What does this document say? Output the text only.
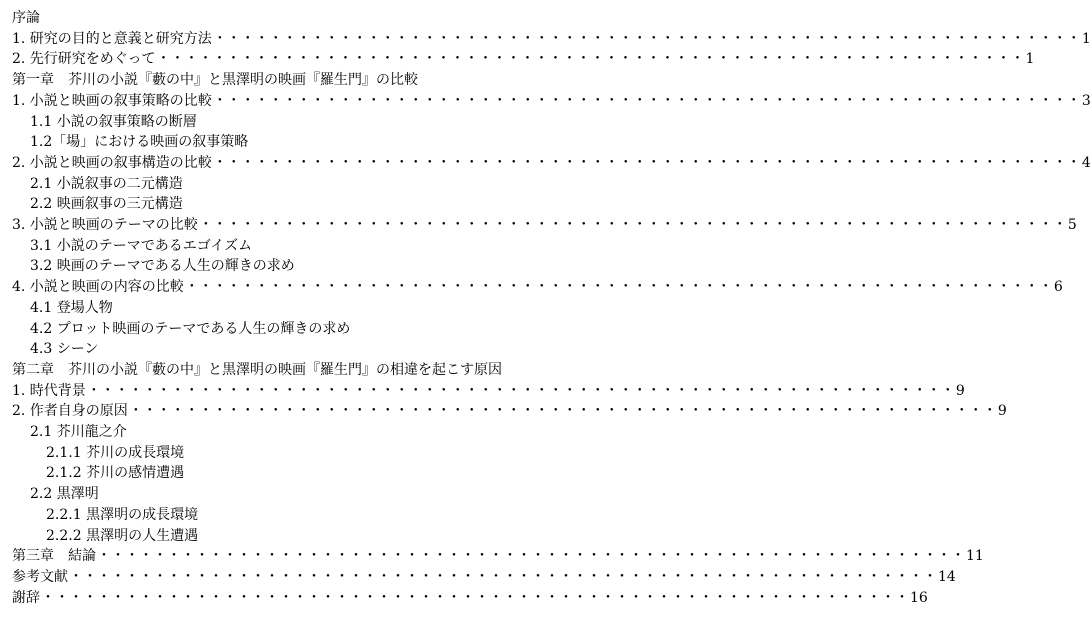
序論
1. 研究の目的と意義と研究方法 ・・・・・・・・・・・・・・・・・・・・・・・・・・・・・・・・・・・・・・・・・・・・・・・・・・・・・・・・・・・・・・ 1
2. 先行研究をめぐって ・・・・・・・・・・・・・・・・・・・・・・・・・・・・・・・・・・・・・・・・・・・・・・・・・・・・・・・・・・・・・・ 1
第一章　芥川の小説『藪の中』と黒澤明の映画『羅生門』の比較
1. 小説と映画の叙事策略の比較 ・・・・・・・・・・・・・・・・・・・・・・・・・・・・・・・・・・・・・・・・・・・・・・・・・・・・・・・・・・・・・・ 3
1.1 小説の叙事策略の断層
1.2「場」における映画の叙事策略
2. 小説と映画の叙事構造の比較 ・・・・・・・・・・・・・・・・・・・・・・・・・・・・・・・・・・・・・・・・・・・・・・・・・・・・・・・・・・・・・・ 4
2.1 小説叙事の二元構造
2.2 映画叙事の三元構造
3. 小説と映画のテーマの比較 ・・・・・・・・・・・・・・・・・・・・・・・・・・・・・・・・・・・・・・・・・・・・・・・・・・・・・・・・・・・・・・ 5
3.1 小説のテーマであるエゴイズム
3.2 映画のテーマである人生の輝きの求め
4. 小説と映画の内容の比較 ・・・・・・・・・・・・・・・・・・・・・・・・・・・・・・・・・・・・・・・・・・・・・・・・・・・・・・・・・・・・・・ 6
4.1 登場人物
4.2 プロット映画のテーマである人生の輝きの求め
4.3 シーン
第二章　芥川の小説『藪の中』と黒澤明の映画『羅生門』の相違を起こす原因
1. 時代背景 ・・・・・・・・・・・・・・・・・・・・・・・・・・・・・・・・・・・・・・・・・・・・・・・・・・・・・・・・・・・・・・ 9
2. 作者自身の原因 ・・・・・・・・・・・・・・・・・・・・・・・・・・・・・・・・・・・・・・・・・・・・・・・・・・・・・・・・・・・・・・ 9
2.1 芥川龍之介
2.1.1 芥川の成長環境
2.1.2 芥川の感情遭遇
2.2 黒澤明
2.2.1 黒澤明の成長環境
2.2.2 黒澤明の人生遭遇
第三章　結論 ・・・・・・・・・・・・・・・・・・・・・・・・・・・・・・・・・・・・・・・・・・・・・・・・・・・・・・・・・・・・・・ 11
参考文献 ・・・・・・・・・・・・・・・・・・・・・・・・・・・・・・・・・・・・・・・・・・・・・・・・・・・・・・・・・・・・・・ 14
謝辞 ・・・・・・・・・・・・・・・・・・・・・・・・・・・・・・・・・・・・・・・・・・・・・・・・・・・・・・・・・・・・・・ 16
